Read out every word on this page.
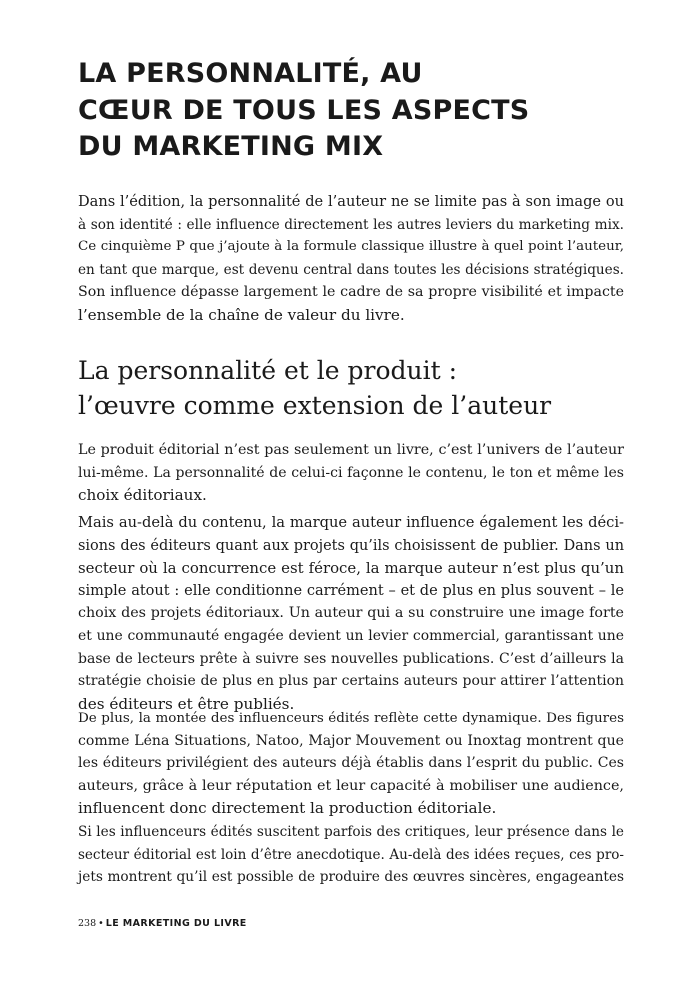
LA PERSONNALITÉ, AU
CŒUR DE TOUS LES ASPECTS
DU MARKETING MIX

Dans l’édition, la personnalité de l’auteur ne se limite pas à son image ou
à son identité : elle influence directement les autres leviers du marketing mix.
Ce cinquième P que j’ajoute à la formule classique illustre à quel point l’auteur,
en tant que marque, est devenu central dans toutes les décisions stratégiques.
Son influence dépasse largement le cadre de sa propre visibilité et impacte
l’ensemble de la chaîne de valeur du livre.

La personnalité et le produit :
l’œuvre comme extension de l’auteur

Le produit éditorial n’est pas seulement un livre, c’est l’univers de l’auteur
lui-même. La personnalité de celui-ci façonne le contenu, le ton et même les
choix éditoriaux.

Mais au-delà du contenu, la marque auteur influence également les déci-
sions des éditeurs quant aux projets qu’ils choisissent de publier. Dans un
secteur où la concurrence est féroce, la marque auteur n’est plus qu’un
simple atout : elle conditionne carrément – et de plus en plus souvent – le
choix des projets éditoriaux. Un auteur qui a su construire une image forte
et une communauté engagée devient un levier commercial, garantissant une
base de lecteurs prête à suivre ses nouvelles publications. C’est d’ailleurs la
stratégie choisie de plus en plus par certains auteurs pour attirer l’attention
des éditeurs et être publiés.

De plus, la montée des influenceurs édités reflète cette dynamique. Des figures
comme Léna Situations, Natoo, Major Mouvement ou Inoxtag montrent que
les éditeurs privilégient des auteurs déjà établis dans l’esprit du public. Ces
auteurs, grâce à leur réputation et leur capacité à mobiliser une audience,
influencent donc directement la production éditoriale.

Si les influenceurs édités suscitent parfois des critiques, leur présence dans le
secteur éditorial est loin d’être anecdotique. Au-delà des idées reçues, ces pro-
jets montrent qu’il est possible de produire des œuvres sincères, engageantes

238 • LE MARKETING DU LIVRE
